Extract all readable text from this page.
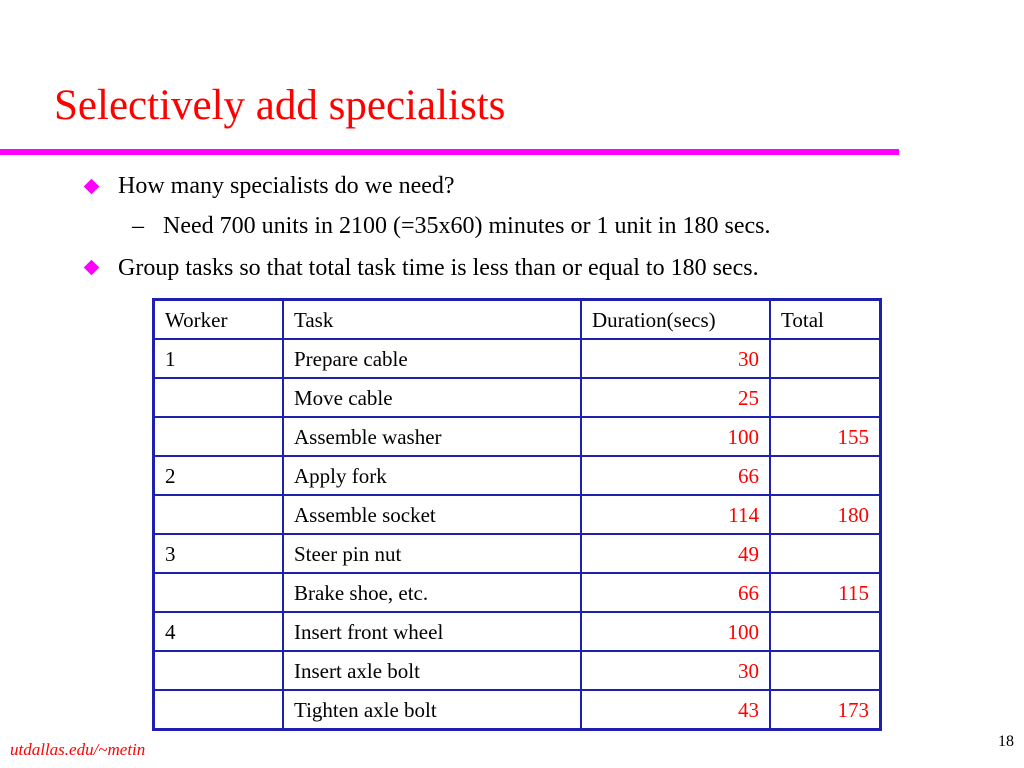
Selectively add specialists
How many specialists do we need?
– Need 700 units in 2100 (=35x60) minutes or 1 unit in 180 secs.
Group tasks so that total task time is less than or equal to 180 secs.
Worker	Task	Duration(secs)	Total
1	Prepare cable	30	
	Move cable	25	
	Assemble washer	100	155
2	Apply fork	66	
	Assemble socket	114	180
3	Steer pin nut	49	
	Brake shoe, etc.	66	115
4	Insert front wheel	100	
	Insert axle bolt	30	
	Tighten axle bolt	43	173
utdallas.edu/~metin	18
